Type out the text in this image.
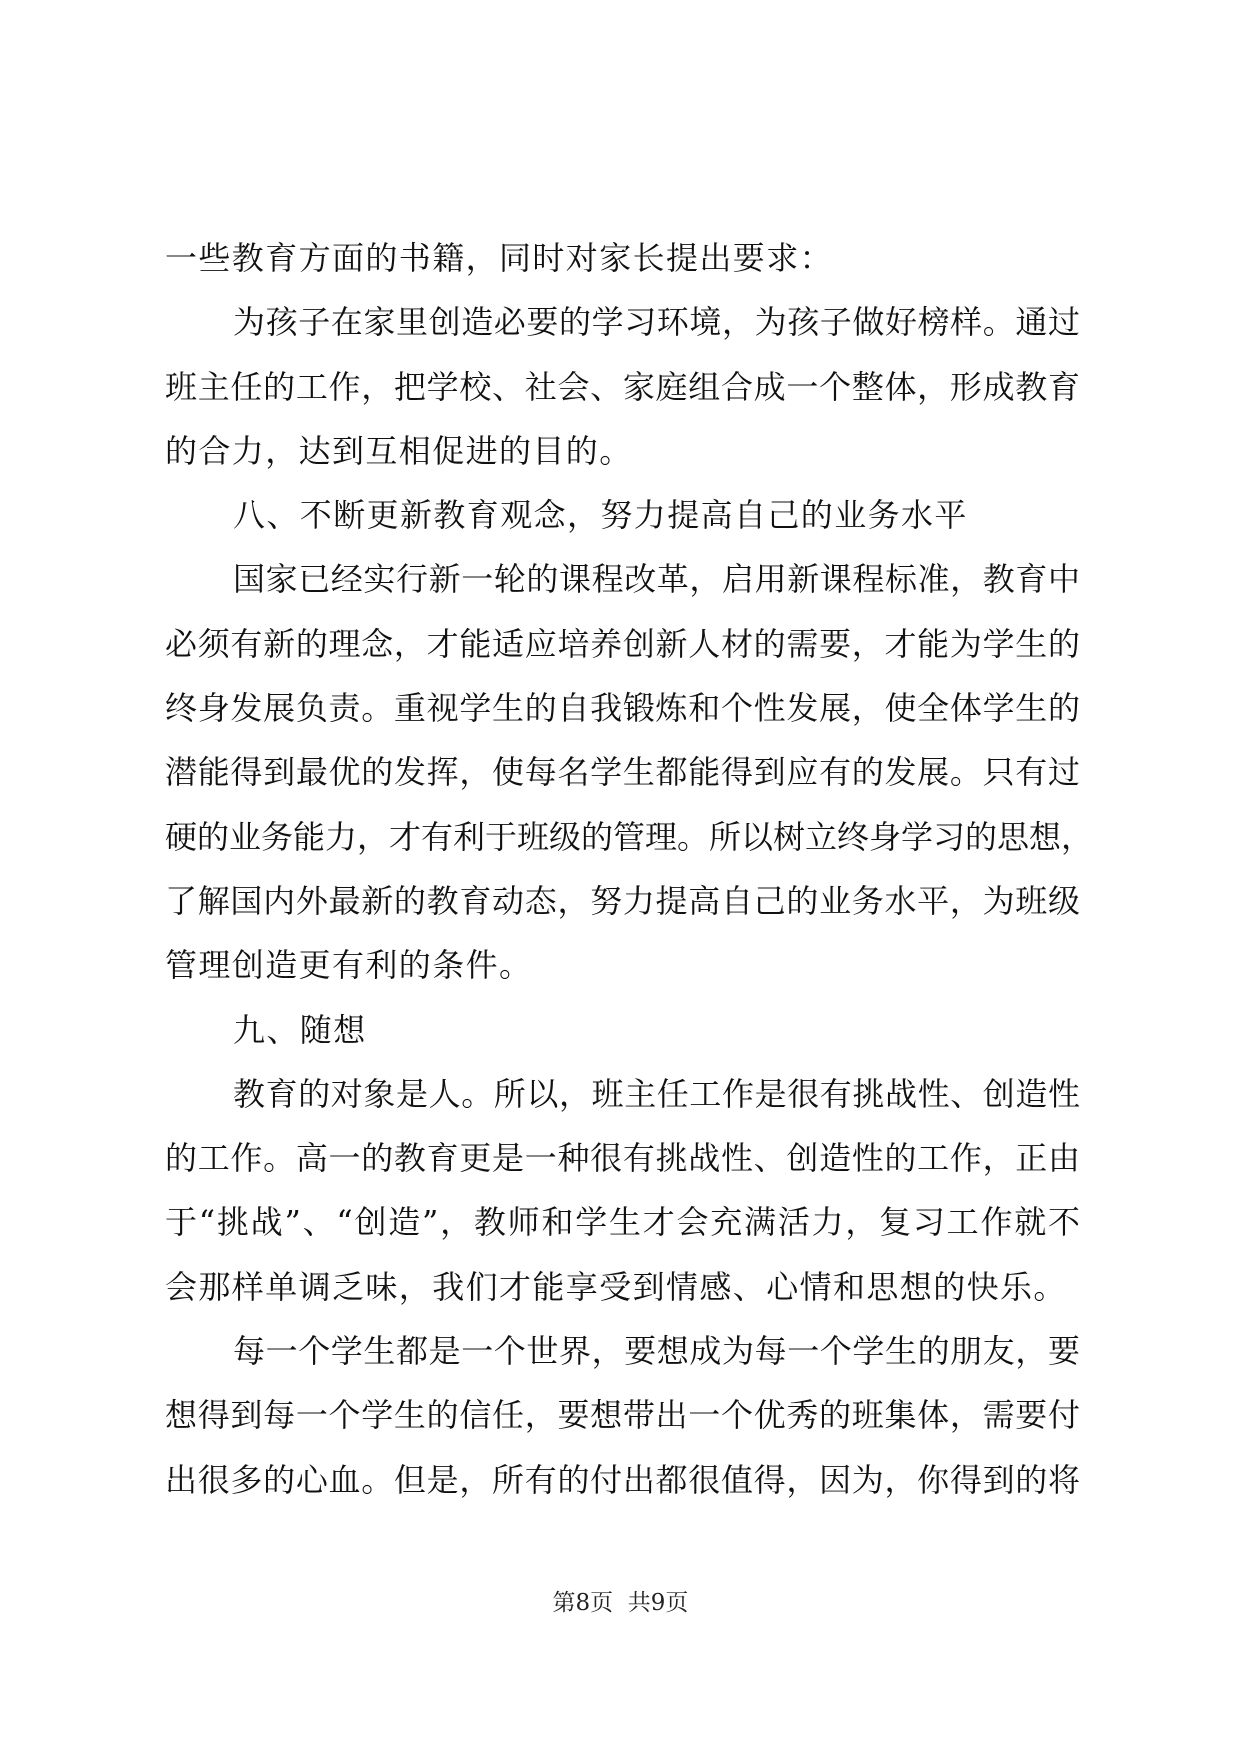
一些教育方面的书籍，同时对家长提出要求：
为孩子在家里创造必要的学习环境，为孩子做好榜样。通过
班主任的工作，把学校、社会、家庭组合成一个整体，形成教育
的合力，达到互相促进的目的。
八、不断更新教育观念，努力提高自己的业务水平
国家已经实行新一轮的课程改革，启用新课程标准，教育中
必须有新的理念，才能适应培养创新人材的需要，才能为学生的
终身发展负责。重视学生的自我锻炼和个性发展，使全体学生的
潜能得到最优的发挥，使每名学生都能得到应有的发展。只有过
硬的业务能力，才有利于班级的管理。所以树立终身学习的思想，
了解国内外最新的教育动态，努力提高自己的业务水平，为班级
管理创造更有利的条件。
九、随想
教育的对象是人。所以，班主任工作是很有挑战性、创造性
的工作。高一的教育更是一种很有挑战性、创造性的工作，正由
于“挑战”、“创造”，教师和学生才会充满活力，复习工作就不
会那样单调乏味，我们才能享受到情感、心情和思想的快乐。
每一个学生都是一个世界，要想成为每一个学生的朋友，要
想得到每一个学生的信任，要想带出一个优秀的班集体，需要付
出很多的心血。但是，所有的付出都很值得，因为，你得到的将
第8页  共9页
